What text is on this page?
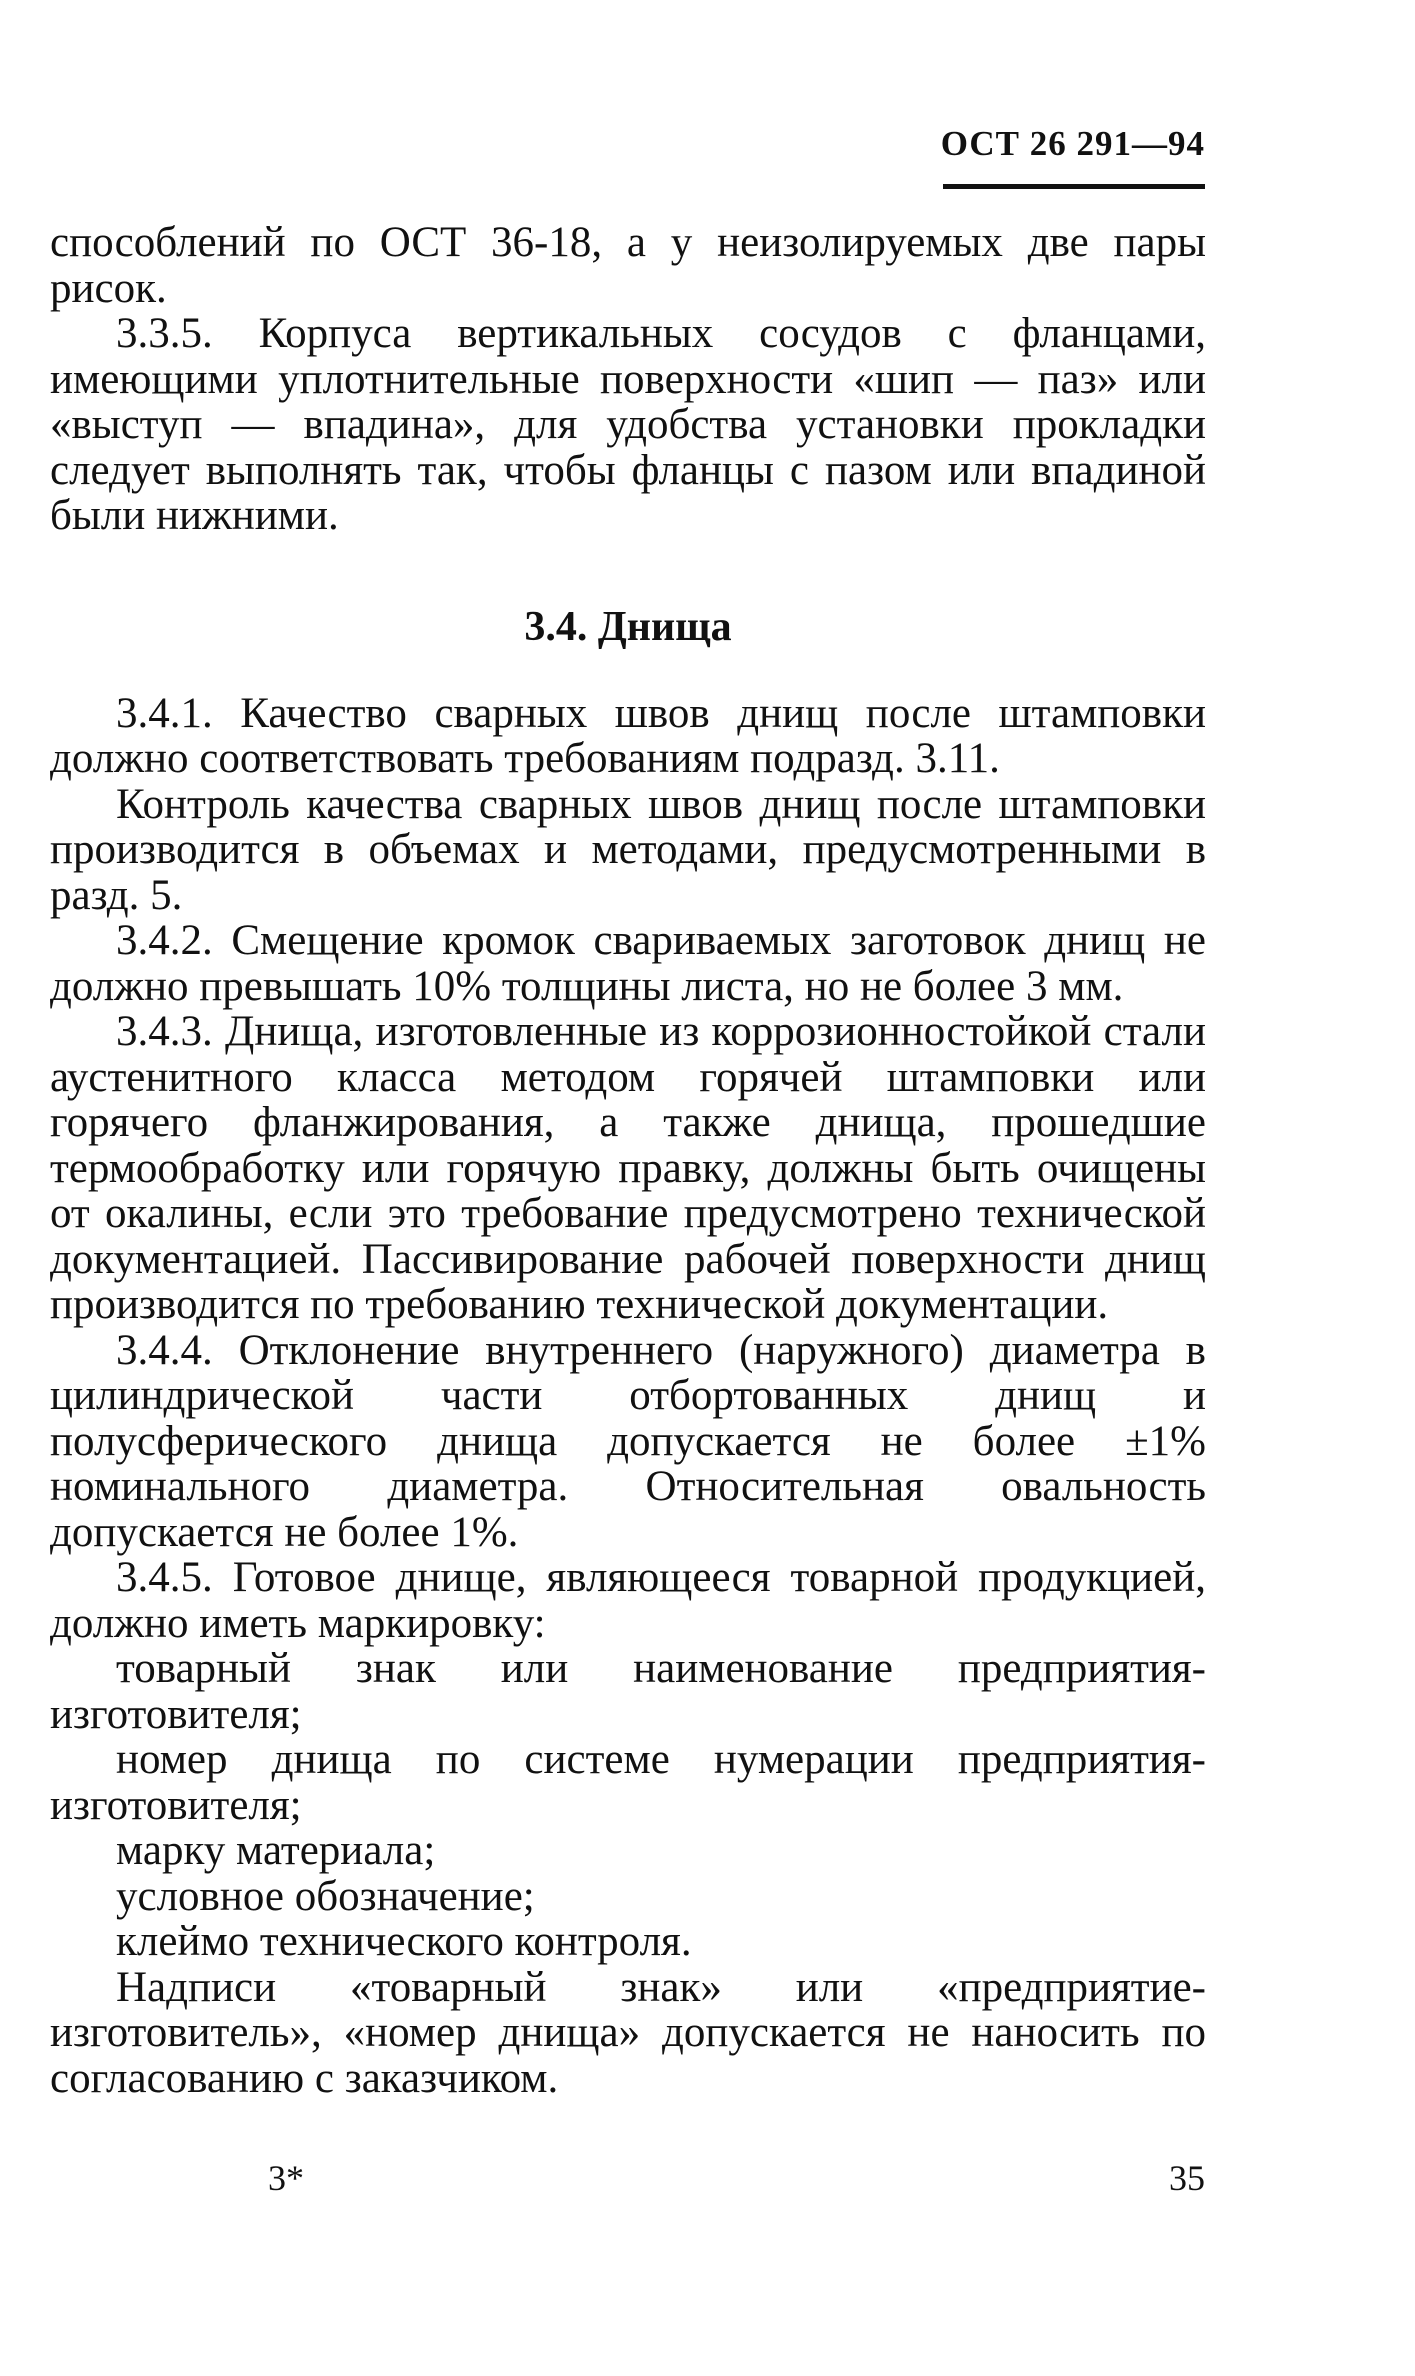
ОСТ 26 291—94

способлений по ОСТ 36-18, а у неизолируемых две пары рисок.

3.3.5. Корпуса вертикальных сосудов с фланцами, имеющими уплотнительные поверхности «шип — паз» или «выступ — впадина», для удобства установки прокладки следует выполнять так, чтобы фланцы с пазом или впадиной были нижними.

3.4. Днища

3.4.1. Качество сварных швов днищ после штамповки должно соответствовать требованиям подразд. 3.11.

Контроль качества сварных швов днищ после штамповки производится в объемах и методами, предусмотренными в разд. 5.

3.4.2. Смещение кромок свариваемых заготовок днищ не должно превышать 10% толщины листа, но не более 3 мм.

3.4.3. Днища, изготовленные из коррозионностойкой стали аустенитного класса методом горячей штамповки или горячего фланжирования, а также днища, прошедшие термообработку или горячую правку, должны быть очищены от окалины, если это требование предусмотрено технической документацией. Пассивирование рабочей поверхности днищ производится по требованию технической документации.

3.4.4. Отклонение внутреннего (наружного) диаметра в цилиндрической части отбортованных днищ и полусферического днища допускается не более ±1% номинального диаметра. Относительная овальность допускается не более 1%.

3.4.5. Готовое днище, являющееся товарной продукцией, должно иметь маркировку:

товарный знак или наименование предприятия-изготовителя;

номер днища по системе нумерации предприятия-изготовителя;

марку материала;

условное обозначение;

клеймо технического контроля.

Надписи «товарный знак» или «предприятие-изготовитель», «номер днища» допускается не наносить по согласованию с заказчиком.

3*	35
